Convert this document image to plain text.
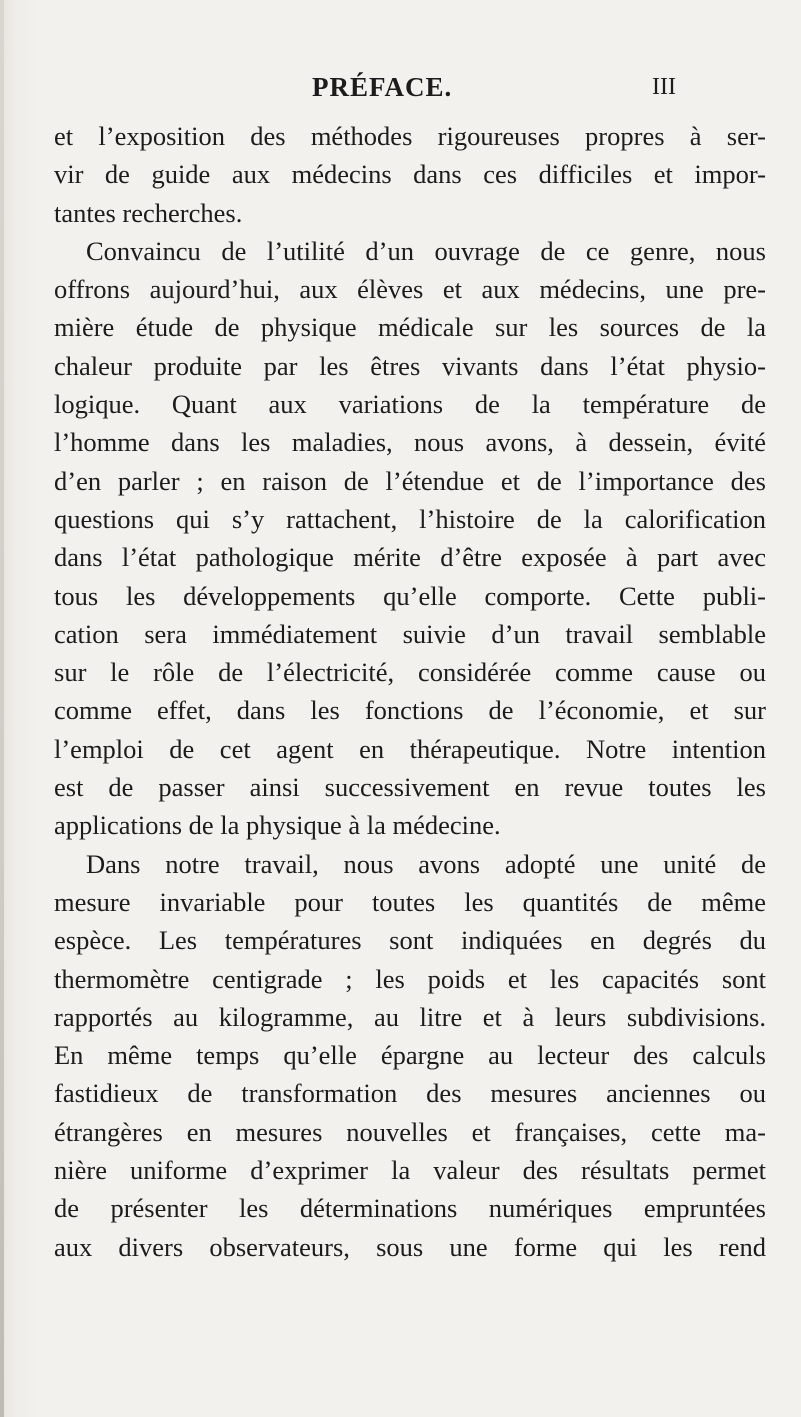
PRÉFACE.	III
et l’exposition des méthodes rigoureuses propres à ser-
vir de guide aux médecins dans ces difficiles et impor-
tantes recherches.
Convaincu de l’utilité d’un ouvrage de ce genre, nous
offrons aujourd’hui, aux élèves et aux médecins, une pre-
mière étude de physique médicale sur les sources de la
chaleur produite par les êtres vivants dans l’état physio-
logique. Quant aux variations de la température de
l’homme dans les maladies, nous avons, à dessein, évité
d’en parler ; en raison de l’étendue et de l’importance des
questions qui s’y rattachent, l’histoire de la calorification
dans l’état pathologique mérite d’être exposée à part avec
tous les développements qu’elle comporte. Cette publi-
cation sera immédiatement suivie d’un travail semblable
sur le rôle de l’électricité, considérée comme cause ou
comme effet, dans les fonctions de l’économie, et sur
l’emploi de cet agent en thérapeutique. Notre intention
est de passer ainsi successivement en revue toutes les
applications de la physique à la médecine.
Dans notre travail, nous avons adopté une unité de
mesure invariable pour toutes les quantités de même
espèce. Les températures sont indiquées en degrés du
thermomètre centigrade ; les poids et les capacités sont
rapportés au kilogramme, au litre et à leurs subdivisions.
En même temps qu’elle épargne au lecteur des calculs
fastidieux de transformation des mesures anciennes ou
étrangères en mesures nouvelles et françaises, cette ma-
nière uniforme d’exprimer la valeur des résultats permet
de présenter les déterminations numériques empruntées
aux divers observateurs, sous une forme qui les rend
